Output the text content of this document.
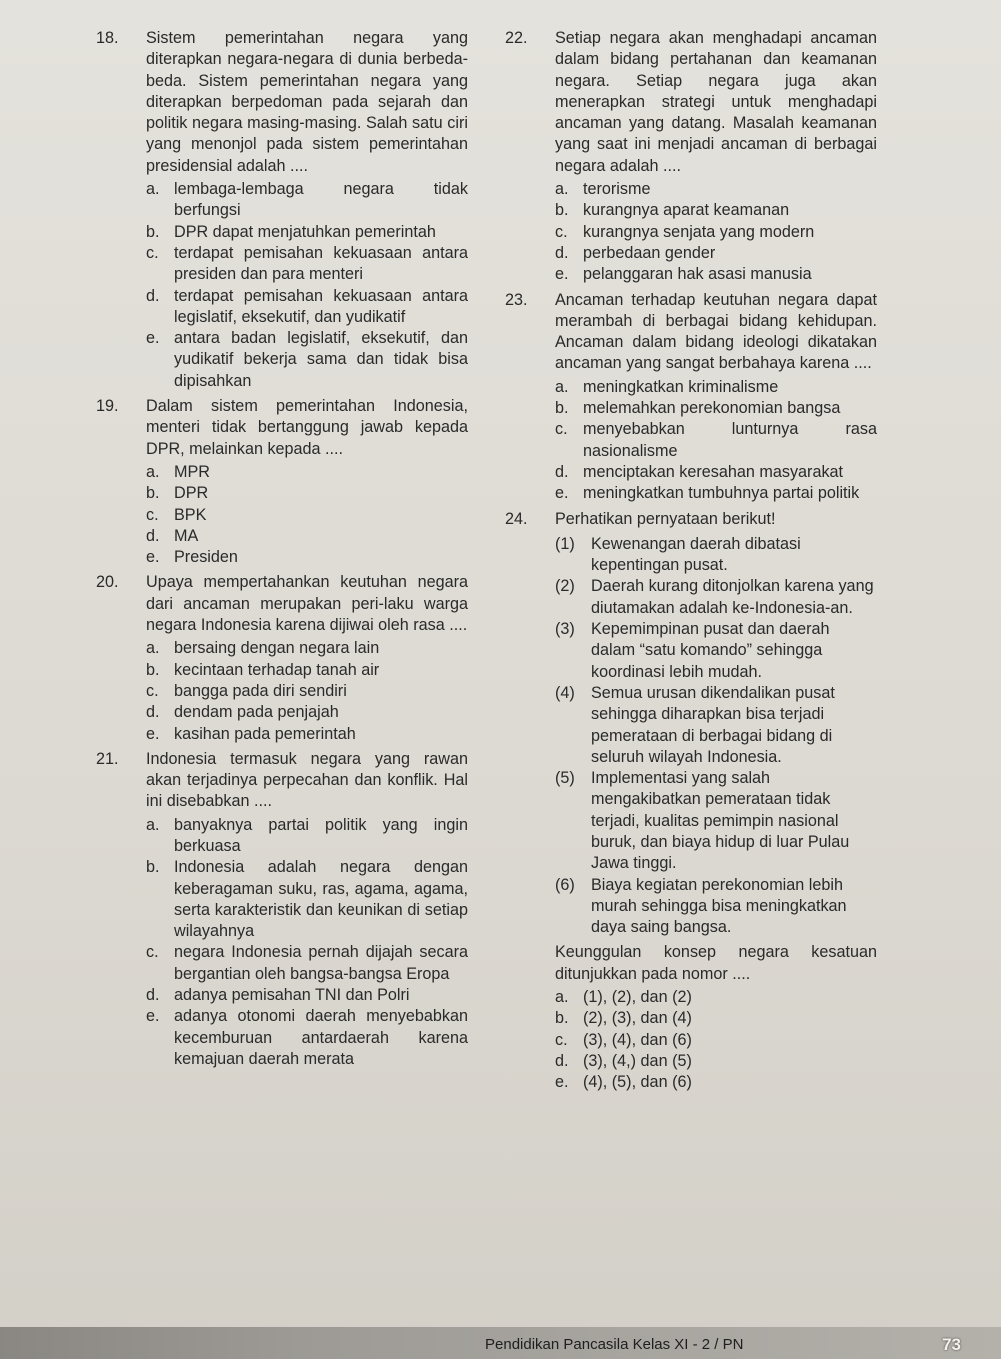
18.	Sistem pemerintahan negara yang diterapkan negara-negara di dunia berbeda-beda. Sistem pemerintahan negara yang diterapkan berpedoman pada sejarah dan politik negara masing-masing. Salah satu ciri yang menonjol pada sistem pemerintahan presidensial adalah ....
a. lembaga-lembaga negara tidak berfungsi
b. DPR dapat menjatuhkan pemerintah
c. terdapat pemisahan kekuasaan antara presiden dan para menteri
d. terdapat pemisahan kekuasaan antara legislatif, eksekutif, dan yudikatif
e. antara badan legislatif, eksekutif, dan yudikatif bekerja sama dan tidak bisa dipisahkan
19.	Dalam sistem pemerintahan Indonesia, menteri tidak bertanggung jawab kepada DPR, melainkan kepada ....
a. MPR
b. DPR
c. BPK
d. MA
e. Presiden
20.	Upaya mempertahankan keutuhan negara dari ancaman merupakan peri-laku warga negara Indonesia karena dijiwai oleh rasa ....
a. bersaing dengan negara lain
b. kecintaan terhadap tanah air
c. bangga pada diri sendiri
d. dendam pada penjajah
e. kasihan pada pemerintah
21.	Indonesia termasuk negara yang rawan akan terjadinya perpecahan dan konflik. Hal ini disebabkan ....
a. banyaknya partai politik yang ingin berkuasa
b. Indonesia adalah negara dengan keberagaman suku, ras, agama, agama, serta karakteristik dan keunikan di setiap wilayahnya
c. negara Indonesia pernah dijajah secara bergantian oleh bangsa-bangsa Eropa
d. adanya pemisahan TNI dan Polri
e. adanya otonomi daerah menyebabkan kecemburuan antardaerah karena kemajuan daerah merata
22.	Setiap negara akan menghadapi ancaman dalam bidang pertahanan dan keamanan negara. Setiap negara juga akan menerapkan strategi untuk menghadapi ancaman yang datang. Masalah keamanan yang saat ini menjadi ancaman di berbagai negara adalah ....
a. terorisme
b. kurangnya aparat keamanan
c. kurangnya senjata yang modern
d. perbedaan gender
e. pelanggaran hak asasi manusia
23.	Ancaman terhadap keutuhan negara dapat merambah di berbagai bidang kehidupan. Ancaman dalam bidang ideologi dikatakan ancaman yang sangat berbahaya karena ....
a. meningkatkan kriminalisme
b. melemahkan perekonomian bangsa
c. menyebabkan lunturnya rasa nasionalisme
d. menciptakan keresahan masyarakat
e. meningkatkan tumbuhnya partai politik
24.	Perhatikan pernyataan berikut!
(1)	Kewenangan daerah dibatasi kepentingan pusat.
(2)	Daerah kurang ditonjolkan karena yang diutamakan adalah ke-Indonesia-an.
(3)	Kepemimpinan pusat dan daerah dalam “satu komando” sehingga koordinasi lebih mudah.
(4)	Semua urusan dikendalikan pusat sehingga diharapkan bisa terjadi pemerataan di berbagai bidang di seluruh wilayah Indonesia.
(5)	Implementasi yang salah mengakibatkan pemerataan tidak terjadi, kualitas pemimpin nasional buruk, dan biaya hidup di luar Pulau Jawa tinggi.
(6)	Biaya kegiatan perekonomian lebih murah sehingga bisa meningkatkan daya saing bangsa.
Keunggulan konsep negara kesatuan ditunjukkan pada nomor ....
a. (1), (2), dan (2)
b. (2), (3), dan (4)
c. (3), (4), dan (6)
d. (3), (4,) dan (5)
e. (4), (5), dan (6)
Pendidikan Pancasila Kelas XI - 2 / PN	73
